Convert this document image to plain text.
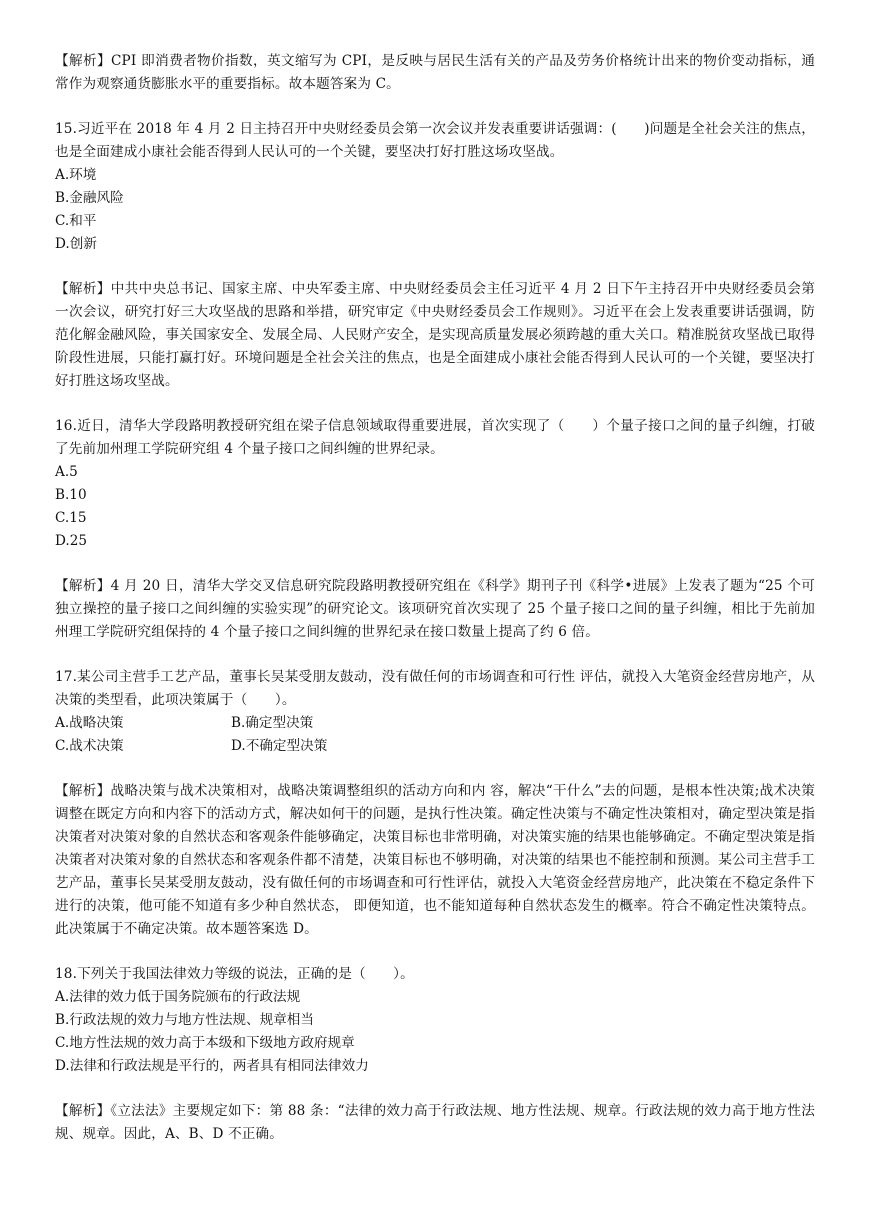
【解析】CPI 即消费者物价指数，英文缩写为 CPI，是反映与居民生活有关的产品及劳务价格统计出来的物价变动指标，通常作为观察通货膨胀水平的重要指标。故本题答案为 C。

15.习近平在 2018 年 4 月 2 日主持召开中央财经委员会第一次会议并发表重要讲话强调：(　　)问题是全社会关注的焦点，也是全面建成小康社会能否得到人民认可的一个关键，要坚决打好打胜这场攻坚战。

A.环境
B.金融风险
C.和平
D.创新

【解析】中共中央总书记、国家主席、中央军委主席、中央财经委员会主任习近平 4 月 2 日下午主持召开中央财经委员会第一次会议，研究打好三大攻坚战的思路和举措，研究审定《中央财经委员会工作规则》。习近平在会上发表重要讲话强调，防范化解金融风险，事关国家安全、发展全局、人民财产安全，是实现高质量发展必须跨越的重大关口。精准脱贫攻坚战已取得阶段性进展，只能打赢打好。环境问题是全社会关注的焦点，也是全面建成小康社会能否得到人民认可的一个关键，要坚决打好打胜这场攻坚战。

16.近日，清华大学段路明教授研究组在梁子信息领域取得重要进展，首次实现了（　　）个量子接口之间的量子纠缠，打破了先前加州理工学院研究组 4 个量子接口之间纠缠的世界纪录。

A.5
B.10
C.15
D.25

【解析】4 月 20 日，清华大学交叉信息研究院段路明教授研究组在《科学》期刊子刊《科学•进展》上发表了题为“25 个可独立操控的量子接口之间纠缠的实验实现”的研究论文。该项研究首次实现了 25 个量子接口之间的量子纠缠，相比于先前加州理工学院研究组保持的 4 个量子接口之间纠缠的世界纪录在接口数量上提高了约 6 倍。

17.某公司主营手工艺产品，董事长吴某受朋友鼓动，没有做任何的市场调查和可行性 评估，就投入大笔资金经营房地产，从决策的类型看，此项决策属于（　　）。

A.战略决策	B.确定型决策
C.战术决策	D.不确定型决策

【解析】战略决策与战术决策相对，战略决策调整组织的活动方向和内 容，解决“干什么”去的问题，是根本性决策;战术决策调整在既定方向和内容下的活动方式，解决如何干的问题，是执行性决策。确定性决策与不确定性决策相对，确定型决策是指决策者对决策对象的自然状态和客观条件能够确定，决策目标也非常明确，对决策实施的结果也能够确定。不确定型决策是指决策者对决策对象的自然状态和客观条件都不清楚，决策目标也不够明确，对决策的结果也不能控制和预测。某公司主营手工艺产品，董事长吴某受朋友鼓动，没有做任何的市场调查和可行性评估，就投入大笔资金经营房地产，此决策在不稳定条件下进行的决策，他可能不知道有多少种自然状态， 即便知道，也不能知道每种自然状态发生的概率。符合不确定性决策特点。此决策属于不确定决策。故本题答案选 D。

18.下列关于我国法律效力等级的说法，正确的是（　　）。

A.法律的效力低于国务院颁布的行政法规
B.行政法规的效力与地方性法规、规章相当
C.地方性法规的效力高于本级和下级地方政府规章
D.法律和行政法规是平行的，两者具有相同法律效力

【解析】《立法法》主要规定如下：第 88 条：“法律的效力高于行政法规、地方性法规、规章。行政法规的效力高于地方性法规、规章。因此，A、B、D 不正确。
